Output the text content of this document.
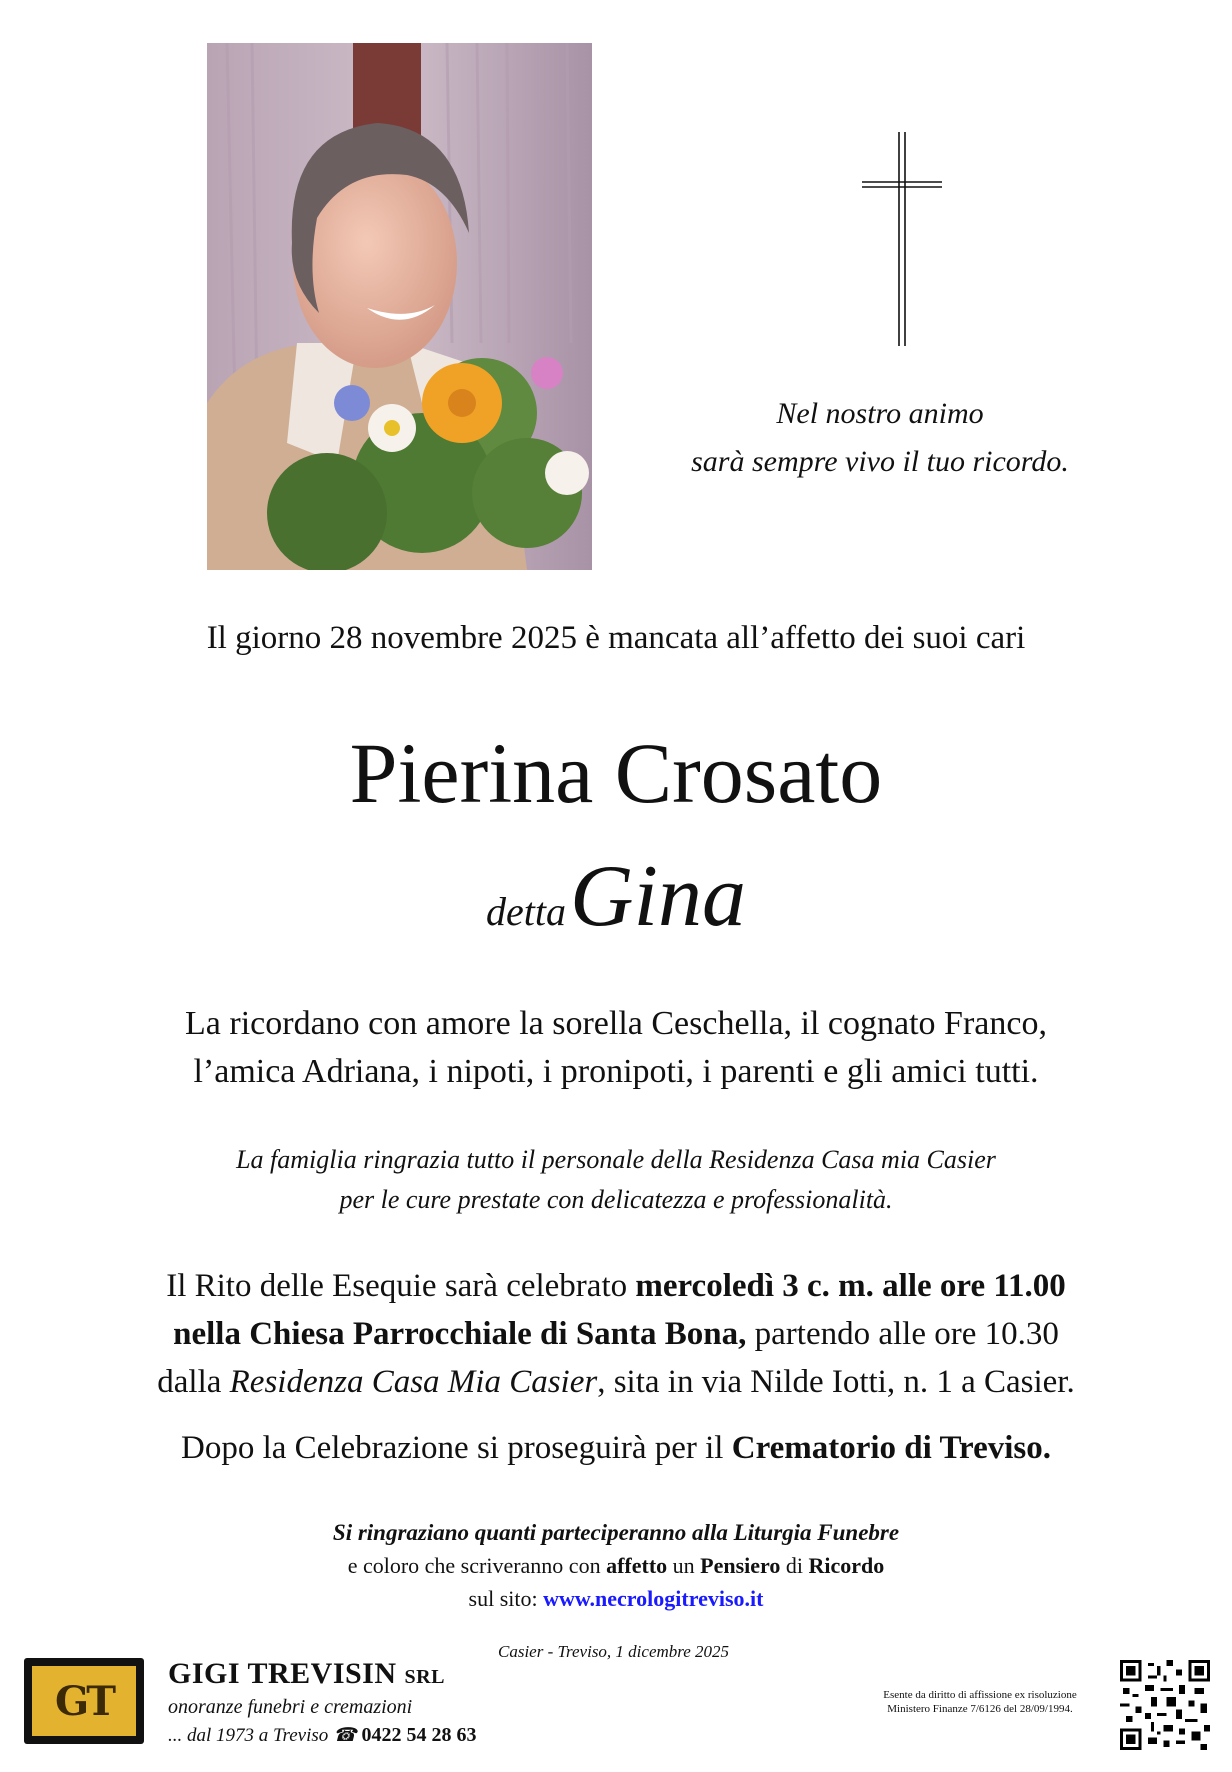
Nel nostro animo
sarà sempre vivo il tuo ricordo.
Il giorno 28 novembre 2025 è mancata all’affetto dei suoi cari
Pierina Crosato
detta Gina
La ricordano con amore la sorella Ceschella, il cognato Franco,
l’amica Adriana, i nipoti, i pronipoti, i parenti e gli amici tutti.
La famiglia ringrazia tutto il personale della Residenza Casa mia Casier
per le cure prestate con delicatezza e professionalità.
Il Rito delle Esequie sarà celebrato mercoledì 3 c. m. alle ore 11.00
nella Chiesa Parrocchiale di Santa Bona, partendo alle ore 10.30
dalla Residenza Casa Mia Casier, sita in via Nilde Iotti, n. 1 a Casier.
Dopo la Celebrazione si proseguirà per il Crematorio di Treviso.
Si ringraziano quanti parteciperanno alla Liturgia Funebre
e coloro che scriveranno con affetto un Pensiero di Ricordo
sul sito: www.necrologitreviso.it
Casier - Treviso, 1 dicembre 2025
GT
GIGI TREVISIN SRL
onoranze funebri e cremazioni
... dal 1973 a Treviso ☎ 0422 54 28 63
Esente da diritto di affissione ex risoluzione
Ministero Finanze 7/6126 del 28/09/1994.
